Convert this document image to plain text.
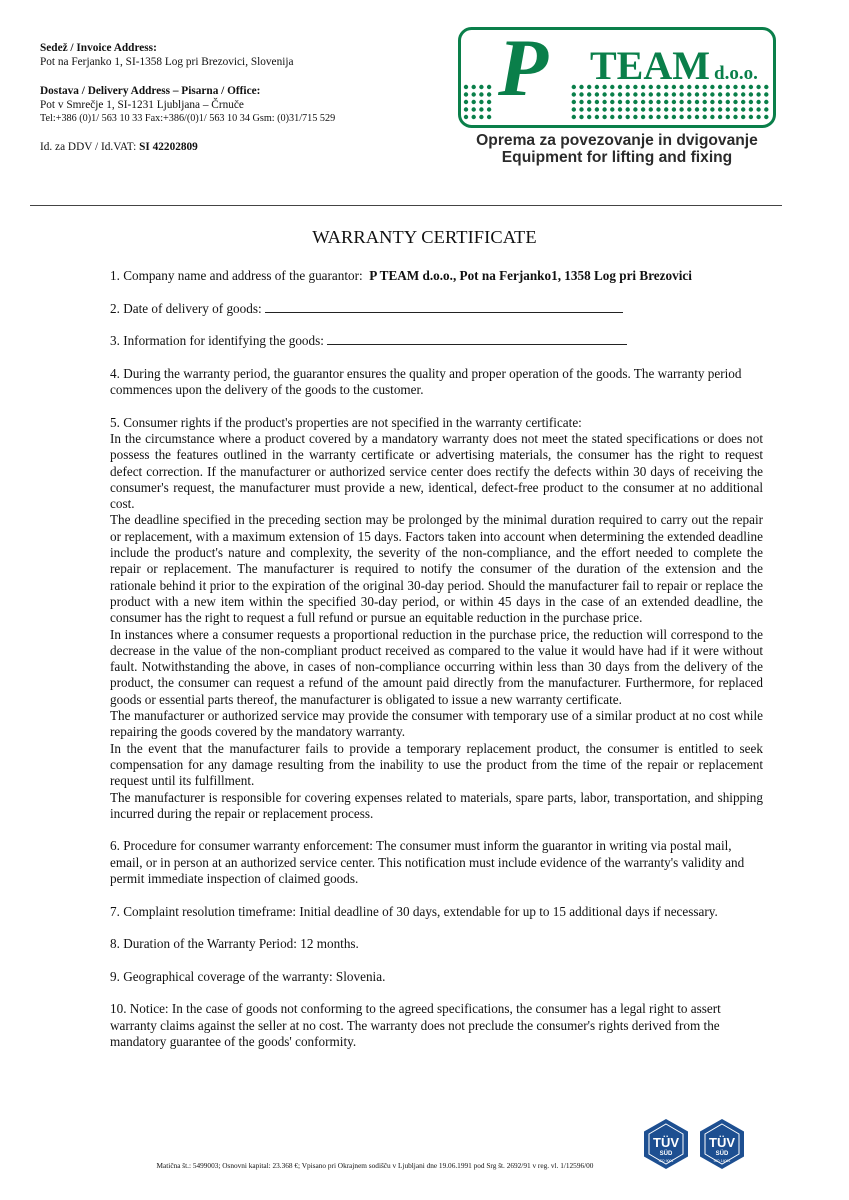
Sedež / Invoice Address:

Pot na Ferjanko 1, SI-1358 Log pri Brezovici, Slovenija

Dostava / Delivery Address – Pisarna / Office:

Pot v Smrečje 1, SI-1231 Ljubljana – Črnuče

Tel:+386 (0)1/ 563 10 33 Fax:+386/(0)1/ 563 10 34 Gsm: (0)31/715 529

Id. za DDV / Id.VAT: SI 42202809

P TEAM d.o.o.
Oprema za povezovanje in dvigovanje
Equipment for lifting and fixing
WARRANTY CERTIFICATE

1. Company name and address of the guarantor: P TEAM d.o.o., Pot na Ferjanko1, 1358 Log pri Brezovici

2. Date of delivery of goods:

3. Information for identifying the goods:

4. During the warranty period, the guarantor ensures the quality and proper operation of the goods. The warranty period commences upon the delivery of the goods to the customer.

5. Consumer rights if the product's properties are not specified in the warranty certificate:

In the circumstance where a product covered by a mandatory warranty does not meet the stated specifications or does not possess the features outlined in the warranty certificate or advertising materials, the consumer has the right to request defect correction. If the manufacturer or authorized service center does rectify the defects within 30 days of receiving the consumer's request, the manufacturer must provide a new, identical, defect-free product to the consumer at no additional cost.

The deadline specified in the preceding section may be prolonged by the minimal duration required to carry out the repair or replacement, with a maximum extension of 15 days. Factors taken into account when determining the extended deadline include the product's nature and complexity, the severity of the non-compliance, and the effort needed to complete the repair or replacement. The manufacturer is required to notify the consumer of the duration of the extension and the rationale behind it prior to the expiration of the original 30-day period. Should the manufacturer fail to repair or replace the product with a new item within the specified 30-day period, or within 45 days in the case of an extended deadline, the consumer has the right to request a full refund or pursue an equitable reduction in the purchase price.

In instances where a consumer requests a proportional reduction in the purchase price, the reduction will correspond to the decrease in the value of the non-compliant product received as compared to the value it would have had if it were without fault. Notwithstanding the above, in cases of non-compliance occurring within less than 30 days from the delivery of the product, the consumer can request a refund of the amount paid directly from the manufacturer. Furthermore, for replaced goods or essential parts thereof, the manufacturer is obligated to issue a new warranty certificate.

The manufacturer or authorized service may provide the consumer with temporary use of a similar product at no cost while repairing the goods covered by the mandatory warranty.

In the event that the manufacturer fails to provide a temporary replacement product, the consumer is entitled to seek compensation for any damage resulting from the inability to use the product from the time of the repair or replacement request until its fulfillment.

The manufacturer is responsible for covering expenses related to materials, spare parts, labor, transportation, and shipping incurred during the repair or replacement process.

6. Procedure for consumer warranty enforcement: The consumer must inform the guarantor in writing via postal mail, email, or in person at an authorized service center. This notification must include evidence of the warranty's validity and permit immediate inspection of claimed goods.

7. Complaint resolution timeframe: Initial deadline of 30 days, extendable for up to 15 additional days if necessary.

8. Duration of the Warranty Period: 12 months.

9. Geographical coverage of the warranty: Slovenia.

10. Notice: In the case of goods not conforming to the agreed specifications, the consumer has a legal right to assert warranty claims against the seller at no cost. The warranty does not preclude the consumer's rights derived from the mandatory guarantee of the goods' conformity.

Matična št.: 5499003; Osnovni kapital: 23.368 €; Vpisano pri Okrajnem sodišču v Ljubljani dne 19.06.1991 pod Srg št. 2692/91 v reg. vl. 1/12596/00
TÜV
SÜD
ISO 9001
TÜV
SÜD
ISO 14001
